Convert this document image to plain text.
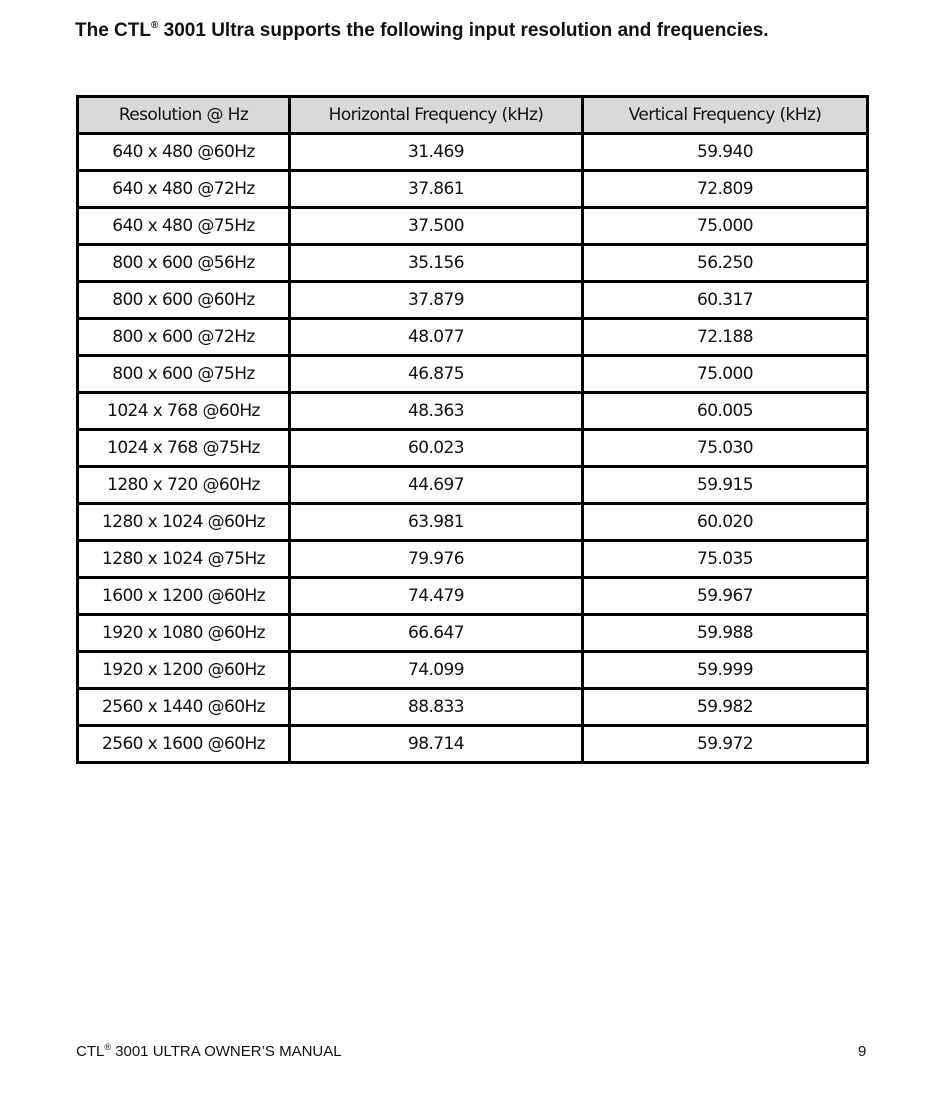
The CTL® 3001 Ultra supports the following input resolution and frequencies.
Resolution @ Hz	Horizontal Frequency (kHz)	Vertical Frequency (kHz)
640 x 480 @60Hz	31.469	59.940
640 x 480 @72Hz	37.861	72.809
640 x 480 @75Hz	37.500	75.000
800 x 600 @56Hz	35.156	56.250
800 x 600 @60Hz	37.879	60.317
800 x 600 @72Hz	48.077	72.188
800 x 600 @75Hz	46.875	75.000
1024 x 768 @60Hz	48.363	60.005
1024 x 768 @75Hz	60.023	75.030
1280 x 720 @60Hz	44.697	59.915
1280 x 1024 @60Hz	63.981	60.020
1280 x 1024 @75Hz	79.976	75.035
1600 x 1200 @60Hz	74.479	59.967
1920 x 1080 @60Hz	66.647	59.988
1920 x 1200 @60Hz	74.099	59.999
2560 x 1440 @60Hz	88.833	59.982
2560 x 1600 @60Hz	98.714	59.972
CTL® 3001 ULTRA OWNER’S MANUAL	9
